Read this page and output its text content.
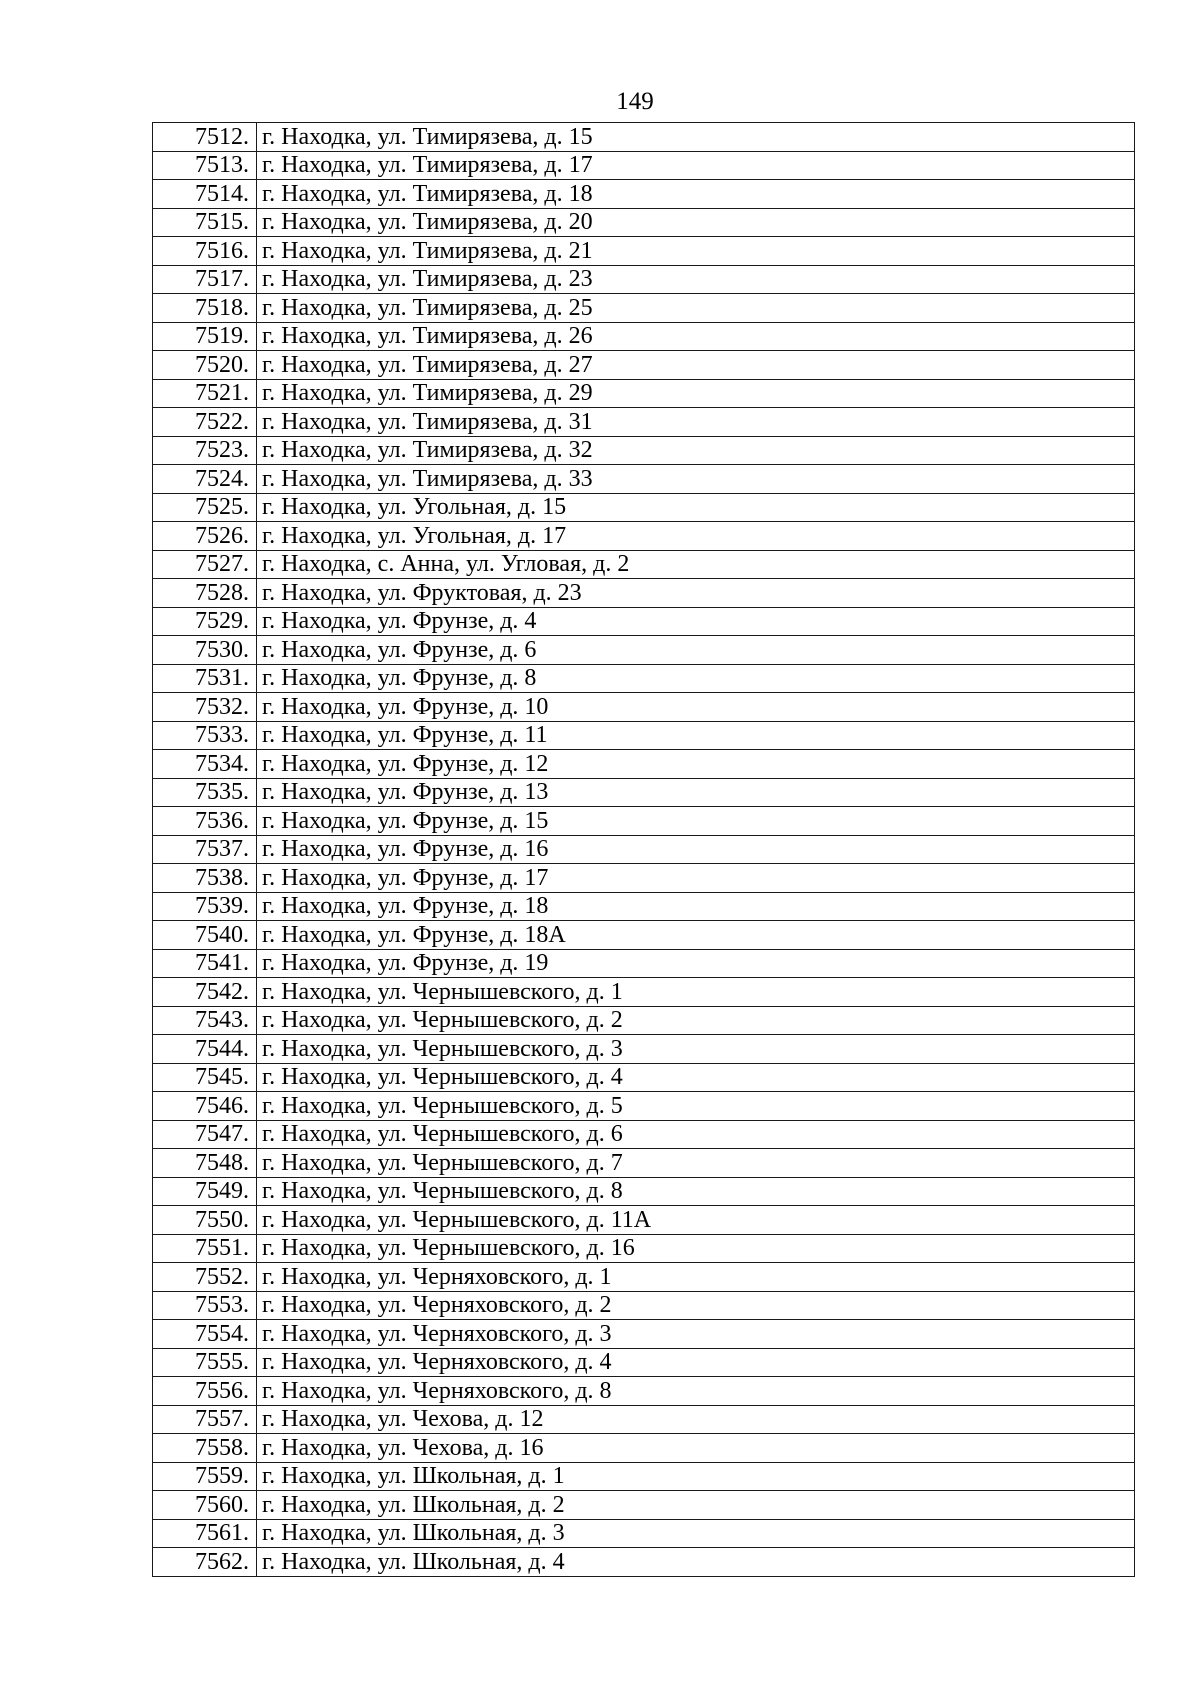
149
7512.	г. Находка, ул. Тимирязева, д. 15
7513.	г. Находка, ул. Тимирязева, д. 17
7514.	г. Находка, ул. Тимирязева, д. 18
7515.	г. Находка, ул. Тимирязева, д. 20
7516.	г. Находка, ул. Тимирязева, д. 21
7517.	г. Находка, ул. Тимирязева, д. 23
7518.	г. Находка, ул. Тимирязева, д. 25
7519.	г. Находка, ул. Тимирязева, д. 26
7520.	г. Находка, ул. Тимирязева, д. 27
7521.	г. Находка, ул. Тимирязева, д. 29
7522.	г. Находка, ул. Тимирязева, д. 31
7523.	г. Находка, ул. Тимирязева, д. 32
7524.	г. Находка, ул. Тимирязева, д. 33
7525.	г. Находка, ул. Угольная, д. 15
7526.	г. Находка, ул. Угольная, д. 17
7527.	г. Находка, с. Анна, ул. Угловая, д. 2
7528.	г. Находка, ул. Фруктовая, д. 23
7529.	г. Находка, ул. Фрунзе, д. 4
7530.	г. Находка, ул. Фрунзе, д. 6
7531.	г. Находка, ул. Фрунзе, д. 8
7532.	г. Находка, ул. Фрунзе, д. 10
7533.	г. Находка, ул. Фрунзе, д. 11
7534.	г. Находка, ул. Фрунзе, д. 12
7535.	г. Находка, ул. Фрунзе, д. 13
7536.	г. Находка, ул. Фрунзе, д. 15
7537.	г. Находка, ул. Фрунзе, д. 16
7538.	г. Находка, ул. Фрунзе, д. 17
7539.	г. Находка, ул. Фрунзе, д. 18
7540.	г. Находка, ул. Фрунзе, д. 18А
7541.	г. Находка, ул. Фрунзе, д. 19
7542.	г. Находка, ул. Чернышевского, д. 1
7543.	г. Находка, ул. Чернышевского, д. 2
7544.	г. Находка, ул. Чернышевского, д. 3
7545.	г. Находка, ул. Чернышевского, д. 4
7546.	г. Находка, ул. Чернышевского, д. 5
7547.	г. Находка, ул. Чернышевского, д. 6
7548.	г. Находка, ул. Чернышевского, д. 7
7549.	г. Находка, ул. Чернышевского, д. 8
7550.	г. Находка, ул. Чернышевского, д. 11А
7551.	г. Находка, ул. Чернышевского, д. 16
7552.	г. Находка, ул. Черняховского, д. 1
7553.	г. Находка, ул. Черняховского, д. 2
7554.	г. Находка, ул. Черняховского, д. 3
7555.	г. Находка, ул. Черняховского, д. 4
7556.	г. Находка, ул. Черняховского, д. 8
7557.	г. Находка, ул. Чехова, д. 12
7558.	г. Находка, ул. Чехова, д. 16
7559.	г. Находка, ул. Школьная, д. 1
7560.	г. Находка, ул. Школьная, д. 2
7561.	г. Находка, ул. Школьная, д. 3
7562.	г. Находка, ул. Школьная, д. 4
